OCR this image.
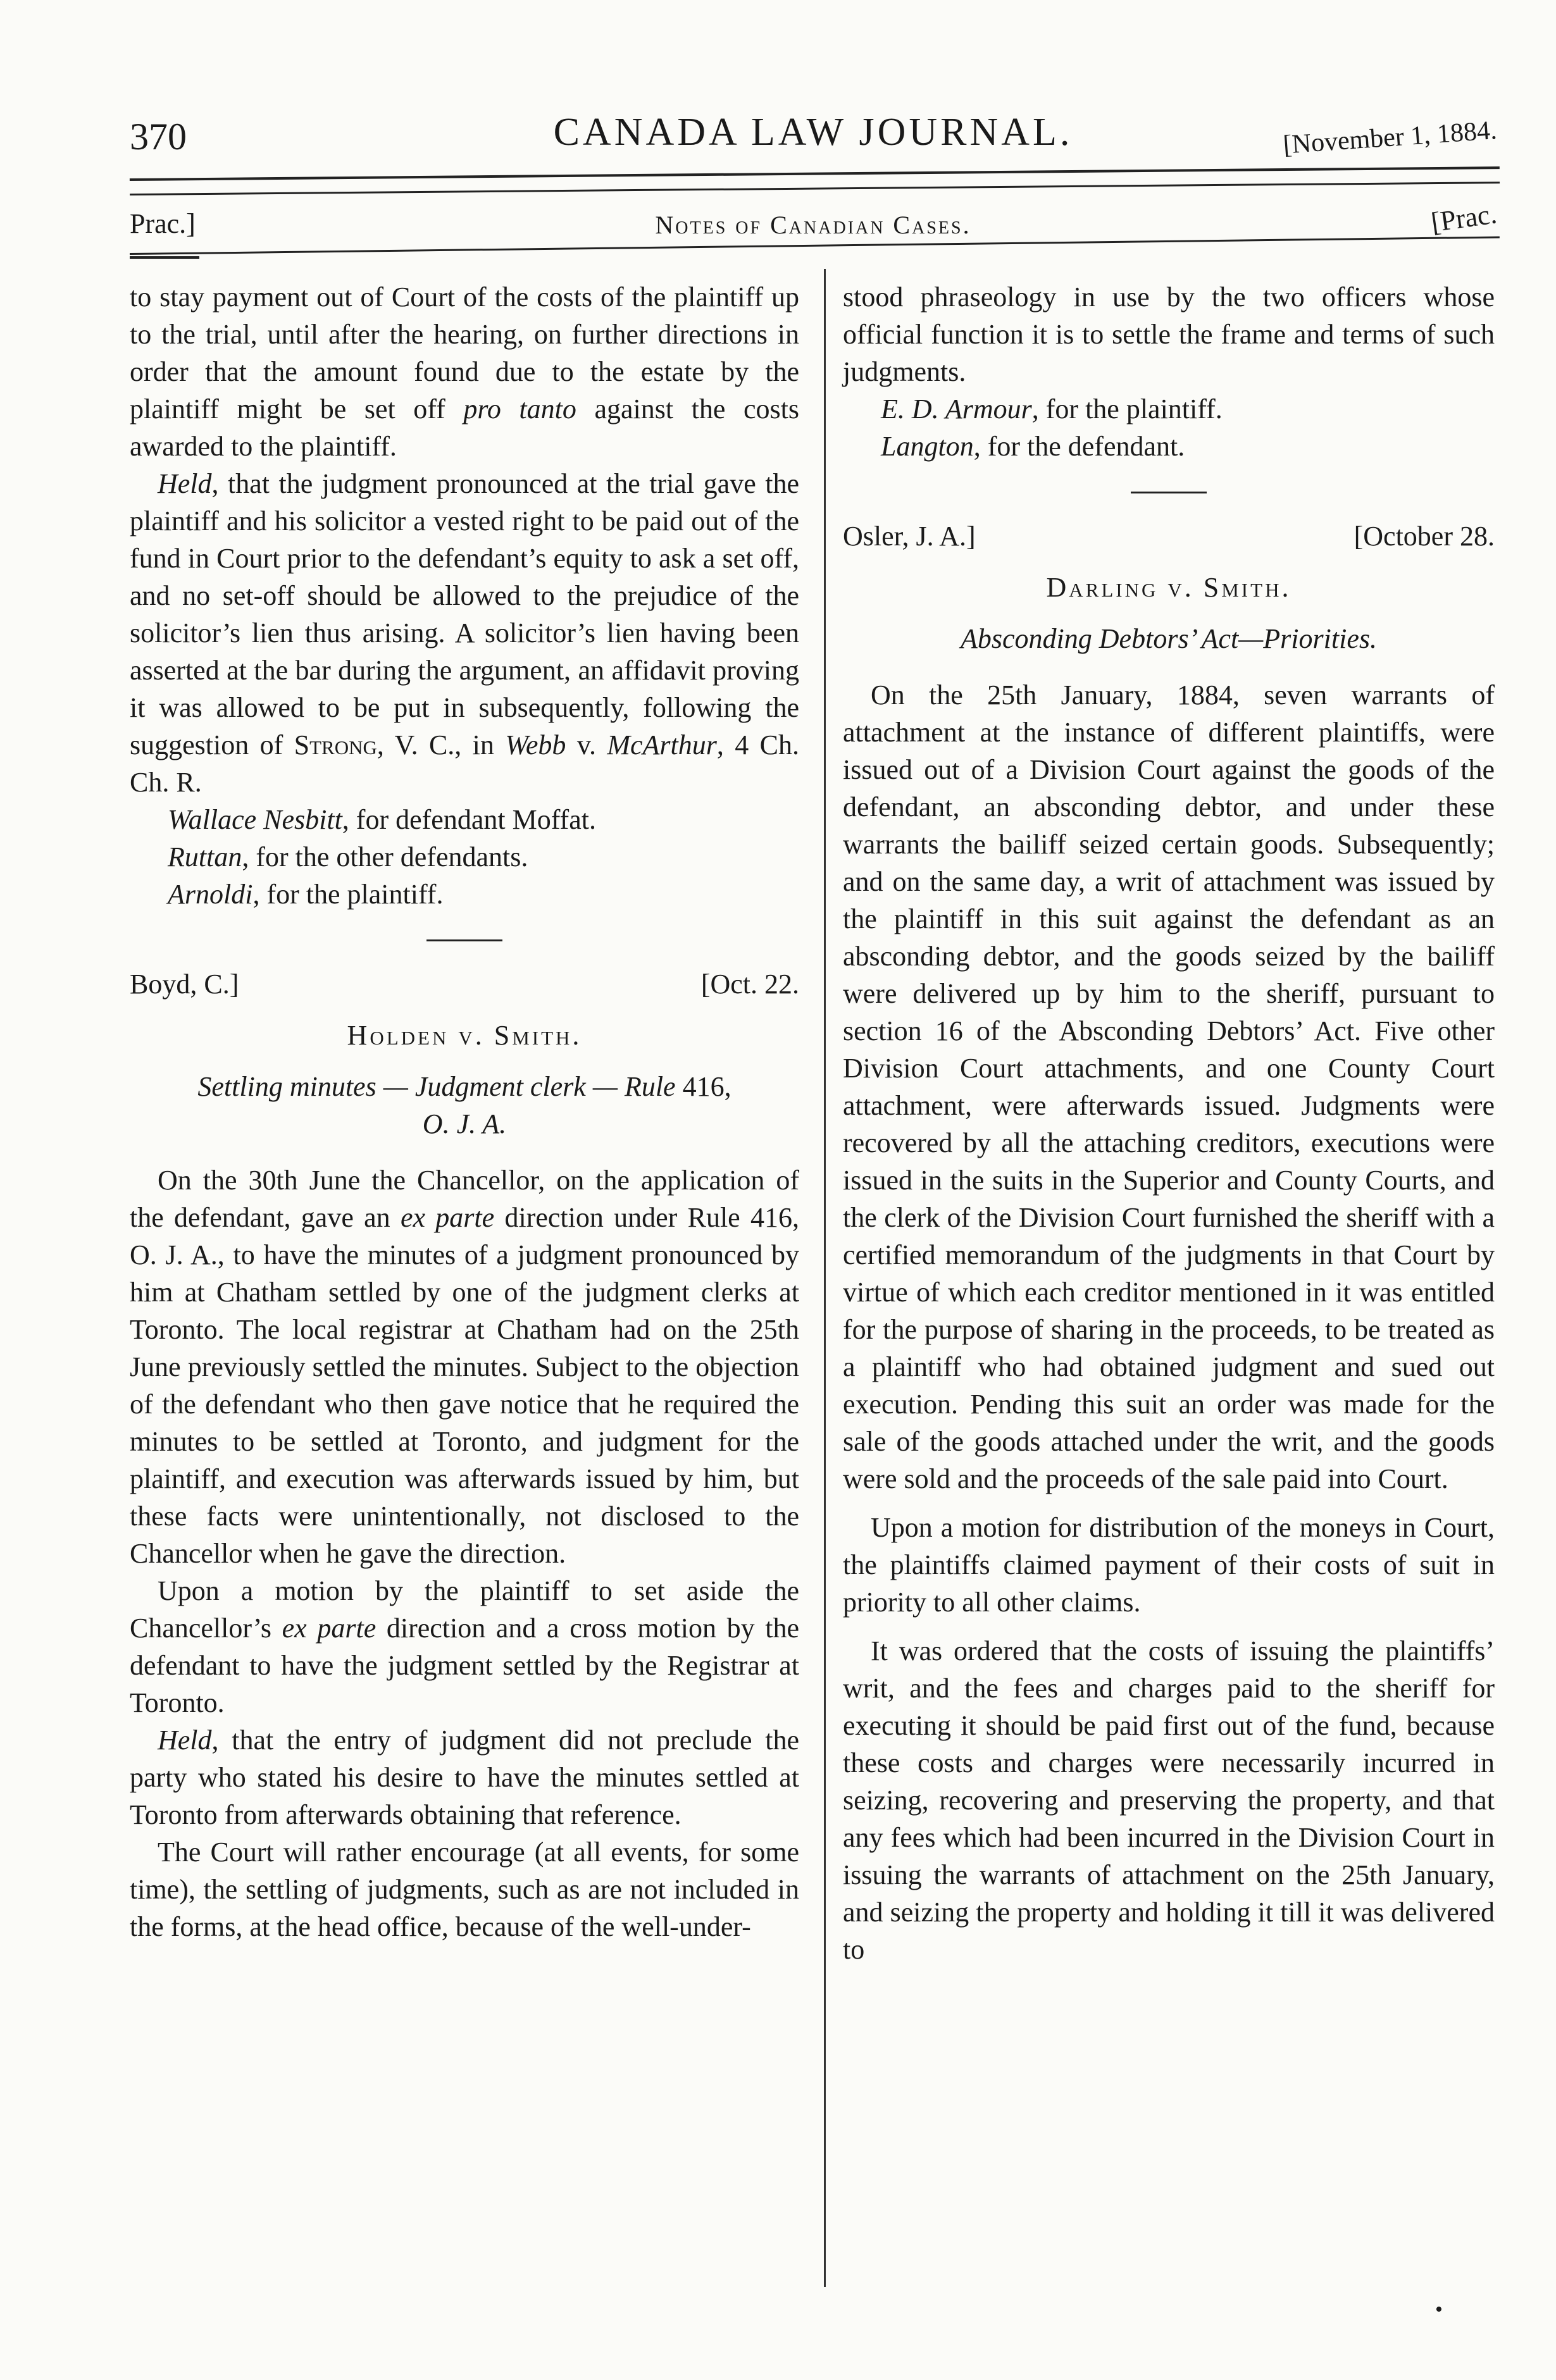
370	CANADA LAW JOURNAL.	[November 1, 1884.
Prac.]	Notes of Canadian Cases.	[Prac.

to stay payment out of Court of the costs of the plaintiff up to the trial, until after the hearing, on further directions in order that the amount found due to the estate by the plaintiff might be set off pro tanto against the costs awarded to the plaintiff.

Held, that the judgment pronounced at the trial gave the plaintiff and his solicitor a vested right to be paid out of the fund in Court prior to the defendant’s equity to ask a set off, and no set-off should be allowed to the prejudice of the solicitor’s lien thus arising. A solicitor’s lien having been asserted at the bar during the argument, an affidavit proving it was allowed to be put in subsequently, following the suggestion of Strong, V. C., in Webb v. McArthur, 4 Ch. Ch. R.

Wallace Nesbitt, for defendant Moffat.

Ruttan, for the other defendants.

Arnoldi, for the plaintiff.

Boyd, C.]	[Oct. 22.
Holden v. Smith.
Settling minutes — Judgment clerk — Rule 416,
O. J. A.

On the 30th June the Chancellor, on the application of the defendant, gave an ex parte direction under Rule 416, O. J. A., to have the minutes of a judgment pronounced by him at Chatham settled by one of the judgment clerks at Toronto. The local registrar at Chatham had on the 25th June previously settled the minutes. Subject to the objection of the defendant who then gave notice that he required the minutes to be settled at Toronto, and judgment for the plaintiff, and execution was afterwards issued by him, but these facts were unintentionally, not disclosed to the Chancellor when he gave the direction.

Upon a motion by the plaintiff to set aside the Chancellor’s ex parte direction and a cross motion by the defendant to have the judgment settled by the Registrar at Toronto.

Held, that the entry of judgment did not preclude the party who stated his desire to have the minutes settled at Toronto from afterwards obtaining that reference.

The Court will rather encourage (at all events, for some time), the settling of judgments, such as are not included in the forms, at the head office, because of the well-under-

stood phraseology in use by the two officers whose official function it is to settle the frame and terms of such judgments.

E. D. Armour, for the plaintiff.

Langton, for the defendant.

Osler, J. A.]	[October 28.
Darling v. Smith.
Absconding Debtors’ Act—Priorities.

On the 25th January, 1884, seven warrants of attachment at the instance of different plaintiffs, were issued out of a Division Court against the goods of the defendant, an absconding debtor, and under these warrants the bailiff seized certain goods. Subsequently; and on the same day, a writ of attachment was issued by the plaintiff in this suit against the defendant as an absconding debtor, and the goods seized by the bailiff were delivered up by him to the sheriff, pursuant to section 16 of the Absconding Debtors’ Act. Five other Division Court attachments, and one County Court attachment, were afterwards issued. Judgments were recovered by all the attaching creditors, executions were issued in the suits in the Superior and County Courts, and the clerk of the Division Court furnished the sheriff with a certified memorandum of the judgments in that Court by virtue of which each creditor mentioned in it was entitled for the purpose of sharing in the proceeds, to be treated as a plaintiff who had obtained judgment and sued out execution. Pending this suit an order was made for the sale of the goods attached under the writ, and the goods were sold and the proceeds of the sale paid into Court.

Upon a motion for distribution of the moneys in Court, the plaintiffs claimed payment of their costs of suit in priority to all other claims.

It was ordered that the costs of issuing the plaintiffs’ writ, and the fees and charges paid to the sheriff for executing it should be paid first out of the fund, because these costs and charges were necessarily incurred in seizing, recovering and preserving the property, and that any fees which had been incurred in the Division Court in issuing the warrants of attachment on the 25th January, and seizing the property and holding it till it was delivered to

•
